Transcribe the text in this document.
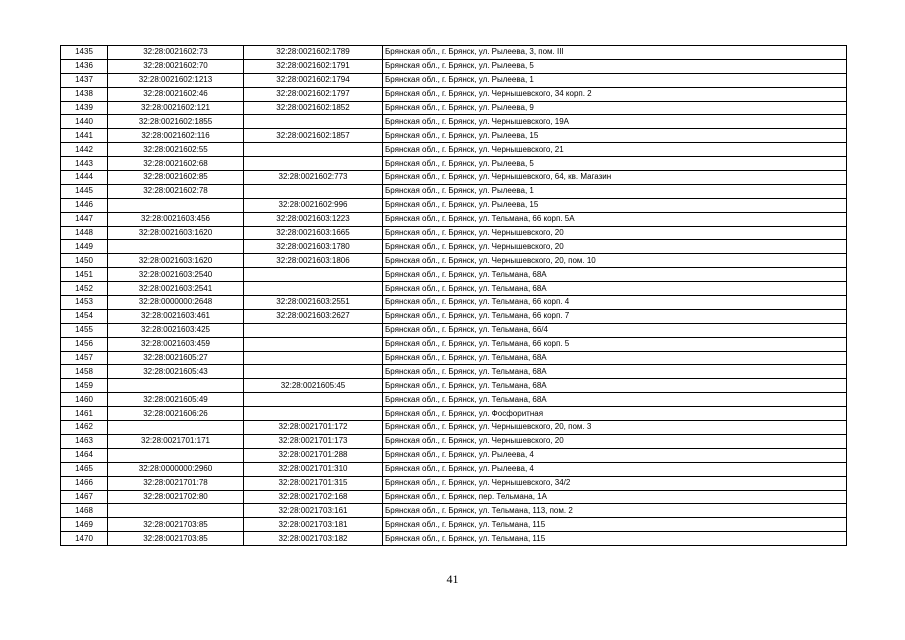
1435	32:28:0021602:73	32:28:0021602:1789	Брянская обл., г. Брянск, ул. Рылеева, 3, пом. III
1436	32:28:0021602:70	32:28:0021602:1791	Брянская обл., г. Брянск, ул. Рылеева, 5
1437	32:28:0021602:1213	32:28:0021602:1794	Брянская обл., г. Брянск, ул. Рылеева, 1
1438	32:28:0021602:46	32:28:0021602:1797	Брянская обл., г. Брянск, ул. Чернышевского, 34 корп. 2
1439	32:28:0021602:121	32:28:0021602:1852	Брянская обл., г. Брянск, ул. Рылеева, 9
1440	32:28:0021602:1855		Брянская обл., г. Брянск, ул. Чернышевского, 19А
1441	32:28:0021602:116	32:28:0021602:1857	Брянская обл., г. Брянск, ул. Рылеева, 15
1442	32:28:0021602:55		Брянская обл., г. Брянск, ул. Чернышевского, 21
1443	32:28:0021602:68		Брянская обл., г. Брянск, ул. Рылеева, 5
1444	32:28:0021602:85	32:28:0021602:773	Брянская обл., г. Брянск, ул. Чернышевского, 64, кв. Магазин
1445	32:28:0021602:78		Брянская обл., г. Брянск, ул. Рылеева, 1
1446		32:28:0021602:996	Брянская обл., г. Брянск, ул. Рылеева, 15
1447	32:28:0021603:456	32:28:0021603:1223	Брянская обл., г. Брянск, ул. Тельмана, 66 корп. 5А
1448	32:28:0021603:1620	32:28:0021603:1665	Брянская обл., г. Брянск, ул. Чернышевского, 20
1449		32:28:0021603:1780	Брянская обл., г. Брянск, ул. Чернышевского, 20
1450	32:28:0021603:1620	32:28:0021603:1806	Брянская обл., г. Брянск, ул. Чернышевского, 20, пом. 10
1451	32:28:0021603:2540		Брянская обл., г. Брянск, ул. Тельмана, 68А
1452	32:28:0021603:2541		Брянская обл., г. Брянск, ул. Тельмана, 68А
1453	32:28:0000000:2648	32:28:0021603:2551	Брянская обл., г. Брянск, ул. Тельмана, 66 корп. 4
1454	32:28:0021603:461	32:28:0021603:2627	Брянская обл., г. Брянск, ул. Тельмана, 66 корп. 7
1455	32:28:0021603:425		Брянская обл., г. Брянск, ул. Тельмана, 66/4
1456	32:28:0021603:459		Брянская обл., г. Брянск, ул. Тельмана, 66 корп. 5
1457	32:28:0021605:27		Брянская обл., г. Брянск, ул. Тельмана, 68А
1458	32:28:0021605:43		Брянская обл., г. Брянск, ул. Тельмана, 68А
1459		32:28:0021605:45	Брянская обл., г. Брянск, ул. Тельмана, 68А
1460	32:28:0021605:49		Брянская обл., г. Брянск, ул. Тельмана, 68А
1461	32:28:0021606:26		Брянская обл., г. Брянск, ул. Фосфоритная
1462		32:28:0021701:172	Брянская обл., г. Брянск, ул. Чернышевского, 20, пом. 3
1463	32:28:0021701:171	32:28:0021701:173	Брянская обл., г. Брянск, ул. Чернышевского, 20
1464		32:28:0021701:288	Брянская обл., г. Брянск, ул. Рылеева, 4
1465	32:28:0000000:2960	32:28:0021701:310	Брянская обл., г. Брянск, ул. Рылеева, 4
1466	32:28:0021701:78	32:28:0021701:315	Брянская обл., г. Брянск, ул. Чернышевского, 34/2
1467	32:28:0021702:80	32:28:0021702:168	Брянская обл., г. Брянск, пер. Тельмана, 1А
1468		32:28:0021703:161	Брянская обл., г. Брянск, ул. Тельмана, 113, пом. 2
1469	32:28:0021703:85	32:28:0021703:181	Брянская обл., г. Брянск, ул. Тельмана, 115
1470	32:28:0021703:85	32:28:0021703:182	Брянская обл., г. Брянск, ул. Тельмана, 115
41
